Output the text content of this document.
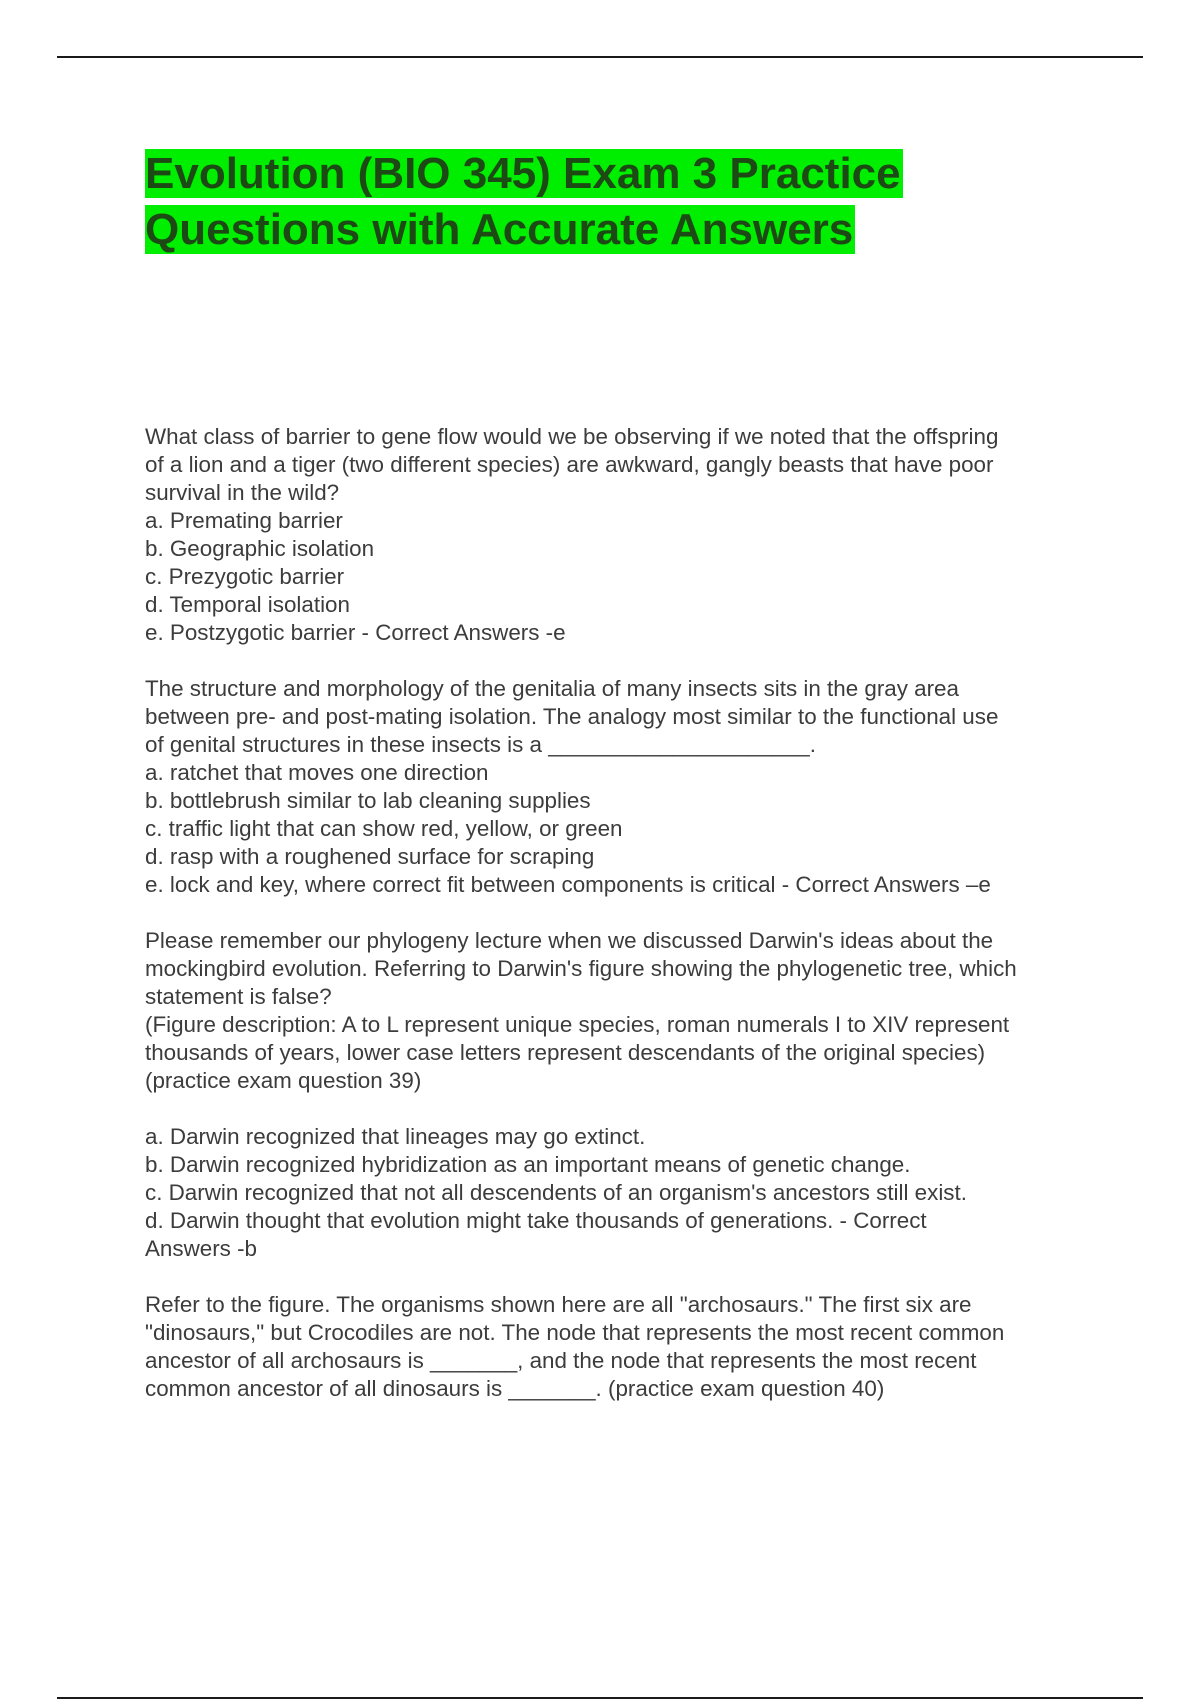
Evolution (BIO 345) Exam 3 Practice
Questions with Accurate Answers
What class of barrier to gene flow would we be observing if we noted that the offspring
of a lion and a tiger (two different species) are awkward, gangly beasts that have poor
survival in the wild?
a. Premating barrier
b. Geographic isolation
c. Prezygotic barrier
d. Temporal isolation
e. Postzygotic barrier - Correct Answers -e
The structure and morphology of the genitalia of many insects sits in the gray area
between pre- and post-mating isolation. The analogy most similar to the functional use
of genital structures in these insects is a _____________________.
a. ratchet that moves one direction
b. bottlebrush similar to lab cleaning supplies
c. traffic light that can show red, yellow, or green
d. rasp with a roughened surface for scraping
e. lock and key, where correct fit between components is critical - Correct Answers –e
Please remember our phylogeny lecture when we discussed Darwin's ideas about the
mockingbird evolution. Referring to Darwin's figure showing the phylogenetic tree, which
statement is false?
(Figure description: A to L represent unique species, roman numerals I to XIV represent
thousands of years, lower case letters represent descendants of the original species)
(practice exam question 39)
a. Darwin recognized that lineages may go extinct.
b. Darwin recognized hybridization as an important means of genetic change.
c. Darwin recognized that not all descendents of an organism's ancestors still exist.
d. Darwin thought that evolution might take thousands of generations. - Correct
Answers -b
Refer to the figure. The organisms shown here are all "archosaurs." The first six are
"dinosaurs," but Crocodiles are not. The node that represents the most recent common
ancestor of all archosaurs is _______, and the node that represents the most recent
common ancestor of all dinosaurs is _______. (practice exam question 40)
